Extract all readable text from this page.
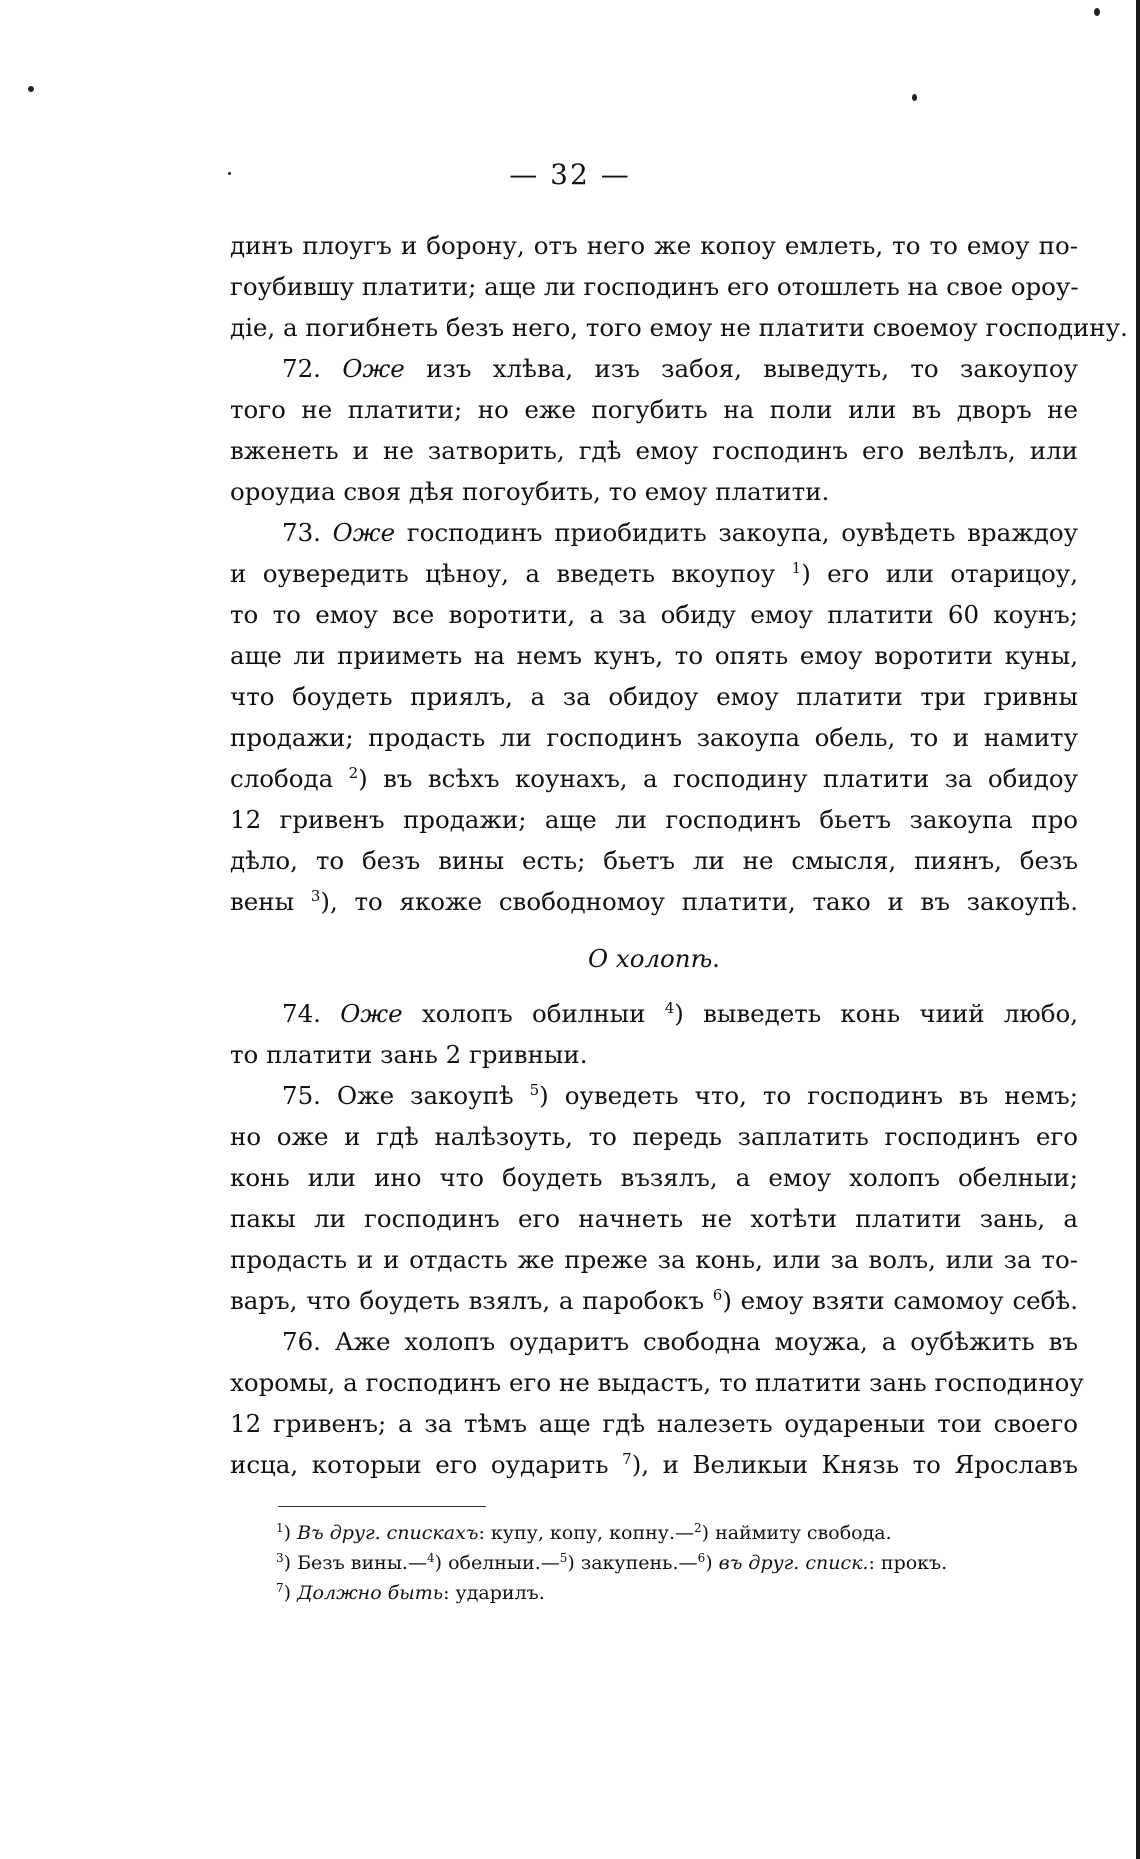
— 32 —
динъ плоугъ и борону, отъ него же копоу емлеть, то то емоу по-
гоубившу платити; аще ли господинъ его отошлеть на свое ороу-
діе, а погибнеть безъ него, того емоу не платити своемоу господину.
72. Оже изъ хлѣва, изъ забоя, выведуть, то закоупоу
того не платити; но еже погубить на поли или въ дворъ не
вженеть и не затворить, гдѣ емоу господинъ его велѣлъ, или
ороудиа своя дѣя погоубить, то емоу платити.
73. Оже господинъ приобидить закоупа, оувѣдеть враждоу
и оувередить цѣноу, а введеть вкоупоу $^1$) его или отарицоу,
то то емоу все воротити, а за обиду емоу платити 60 коунъ;
аще ли прииметь на немъ кунъ, то опять емоу воротити куны,
что боудеть приялъ, а за обидоу емоу платити три гривны
продажи; продасть ли господинъ закоупа обель, то и намиту
слобода $^2$) въ всѣхъ коунахъ, а господину платити за обидоу
12 гривенъ продажи; аще ли господинъ бьетъ закоупа про
дѣло, то безъ вины есть; бьетъ ли не смысля, пиянъ, безъ
вены $^3$), то якоже свободномоу платити, тако и въ закоупѣ.
О холопѣ.
74. Оже холопъ обилныи $^4$) выведеть конь чиий любо,
то платити зань 2 гривныи.
75. Оже закоупѣ $^5$) оуведеть что, то господинъ въ немъ;
но оже и гдѣ налѣзоуть, то передь заплатить господинъ его
конь или ино что боудеть възялъ, а емоу холопъ обелныи;
пакы ли господинъ его начнеть не хотѣти платити зань, а
продасть и и отдасть же преже за конь, или за волъ, или за то-
варъ, что боудеть взялъ, а паробокъ $^6$) емоу взяти самомоу себѣ.
76. Аже холопъ оударитъ свободна моужа, а оубѣжить въ
хоромы, а господинъ его не выдастъ, то платити зань господиноу
12 гривенъ; а за тѣмъ аще гдѣ налезеть оудареныи тои своего
исца, которыи его оударить $^7$), и Великыи Князь то Ярославъ
$^1$) Въ друг. спискахъ: купу, копу, копну.—$^2$) наймиту свобода.
$^3$) Безъ вины.—$^4$) обелныи.—$^5$) закупень.—$^6$) въ друг. списк.: прокъ.
$^7$) Должно быть: ударилъ.
